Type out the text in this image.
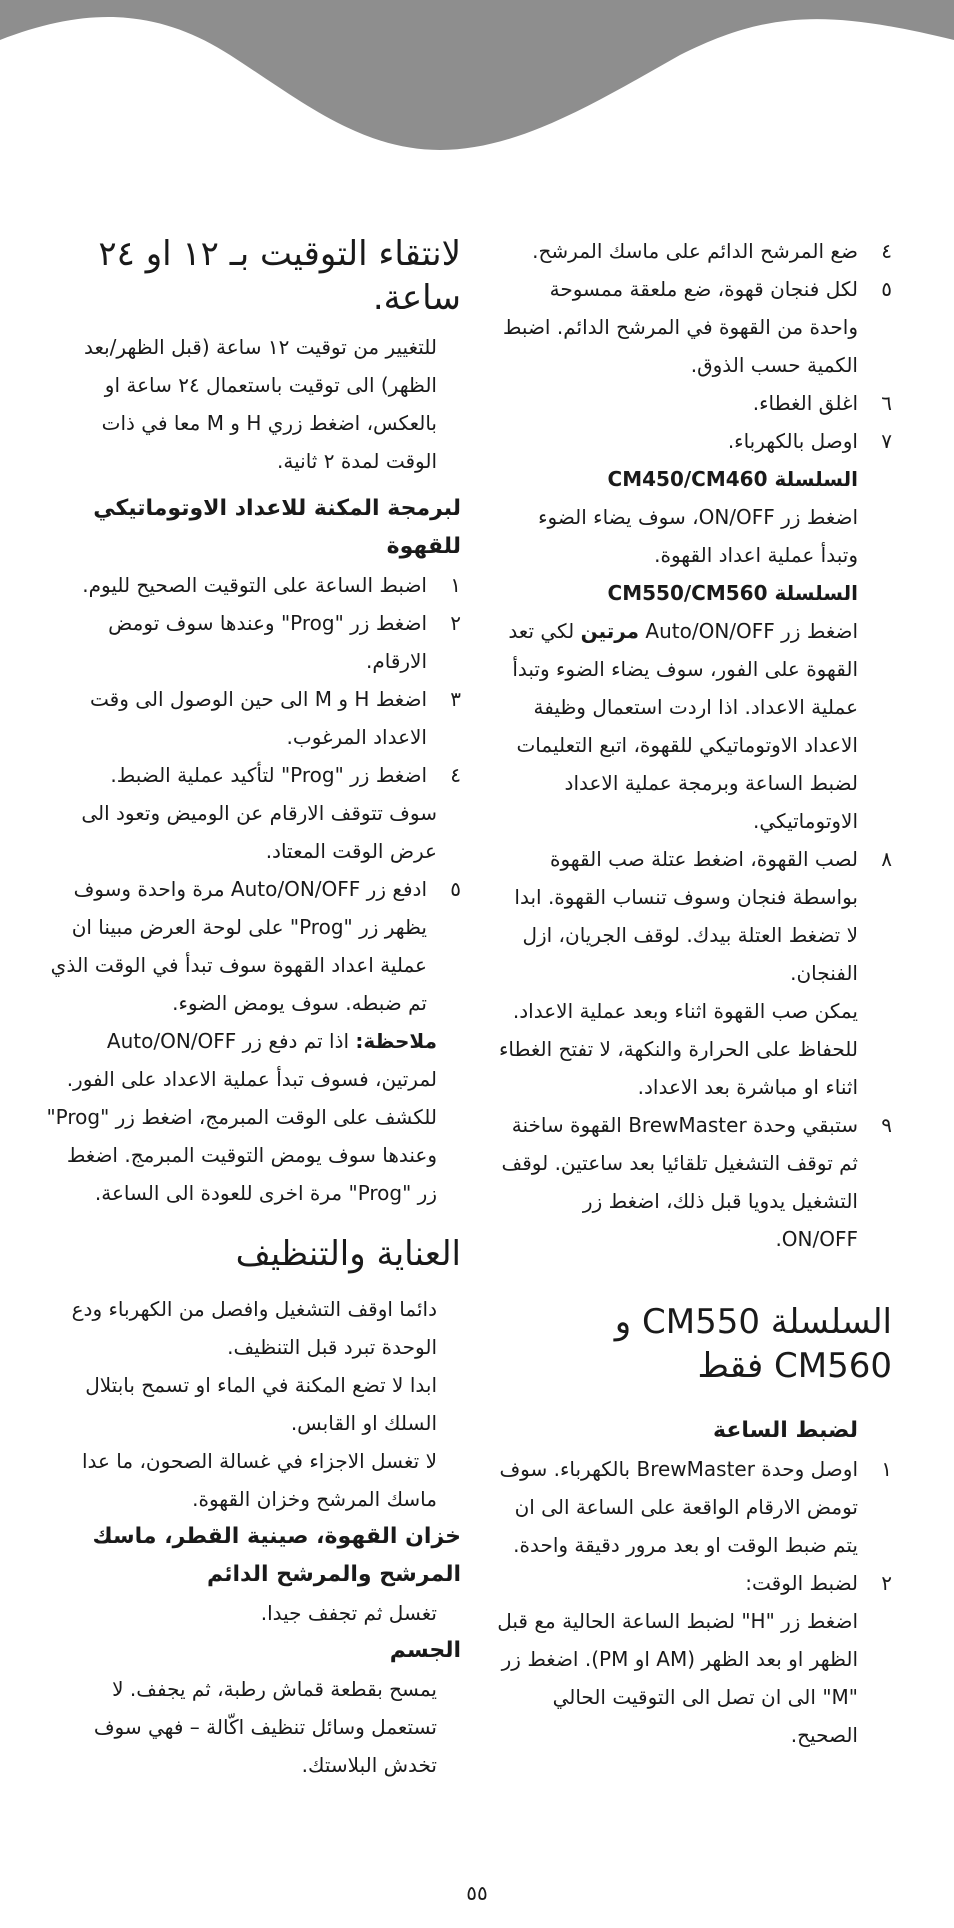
٤
ضع المرشح الدائم على ماسك المرشح.
٥
لكل فنجان قهوة، ضع ملعقة ممسوحة واحدة من القهوة في المرشح الدائم. اضبط الكمية حسب الذوق.
٦
اغلق الغطاء.
٧
اوصل بالكهرباء.

السلسلة CM450/CM460

اضغط زر ON/OFF، سوف يضاء الضوء وتبدأ عملية اعداد القهوة.

السلسلة CM550/CM560

اضغط زر Auto/ON/OFF مرتين لكي تعد القهوة على الفور، سوف يضاء الضوء وتبدأ عملية الاعداد. اذا اردت استعمال وظيفة الاعداد الاوتوماتيكي للقهوة، اتبع التعليمات لضبط الساعة وبرمجة عملية الاعداد الاوتوماتيكي.

٨
لصب القهوة، اضغط عتلة صب القهوة بواسطة فنجان وسوف تنساب القهوة. ابدا لا تضغط العتلة بيدك. لوقف الجريان، ازل الفنجان.

يمكن صب القهوة اثناء وبعد عملية الاعداد. للحفاظ على الحرارة والنكهة، لا تفتح الغطاء اثناء او مباشرة بعد الاعداد.

٩
ستبقي وحدة BrewMaster القهوة ساخنة ثم توقف التشغيل تلقائيا بعد ساعتين. لوقف التشغيل يدويا قبل ذلك، اضغط زر ON/OFF.
السلسلة CM550 و CM560 فقط
لضبط الساعة
١
اوصل وحدة BrewMaster بالكهرباء. سوف تومض الارقام الواقعة على الساعة الى ان يتم ضبط الوقت او بعد مرور دقيقة واحدة.
٢
لضبط الوقت:

اضغط زر "H" لضبط الساعة الحالية مع قبل الظهر او بعد الظهر (AM او PM). اضغط زر "M" الى ان تصل الى التوقيت الحالي الصحيح.

لانتقاء التوقيت بـ ١٢ او ٢٤ ساعة.

للتغيير من توقيت ١٢ ساعة (قبل الظهر/بعد الظهر) الى توقيت باستعمال ٢٤ ساعة او بالعكس، اضغط زري H و M معا في ذات الوقت لمدة ٢ ثانية.

لبرمجة المكنة للاعداد الاوتوماتيكي للقهوة
١
اضبط الساعة على التوقيت الصحيح لليوم.
٢
اضغط زر "Prog" وعندها سوف تومض الارقام.
٣
اضغط H و M الى حين الوصول الى وقت الاعداد المرغوب.
٤
اضغط زر "Prog" لتأكيد عملية الضبط.

سوف تتوقف الارقام عن الوميض وتعود الى عرض الوقت المعتاد.

٥
ادفع زر Auto/ON/OFF مرة واحدة وسوف يظهر زر "Prog" على لوحة العرض مبينا ان عملية اعداد القهوة سوف تبدأ في الوقت الذي تم ضبطه. سوف يومض الضوء.

ملاحظة: اذا تم دفع زر Auto/ON/OFF لمرتين، فسوف تبدأ عملية الاعداد على الفور. للكشف على الوقت المبرمج، اضغط زر "Prog" وعندها سوف يومض التوقيت المبرمج. اضغط زر "Prog" مرة اخرى للعودة الى الساعة.

العناية والتنظيف

دائما اوقف التشغيل وافصل من الكهرباء ودع الوحدة تبرد قبل التنظيف.

ابدا لا تضع المكنة في الماء او تسمح بابتلال السلك او القابس.

لا تغسل الاجزاء في غسالة الصحون، ما عدا ماسك المرشح وخزان القهوة.

خزان القهوة، صينية القطر، ماسك المرشح والمرشح الدائم

تغسل ثم تجفف جيدا.

الجسم

يمسح بقطعة قماش رطبة، ثم يجفف. لا تستعمل وسائل تنظيف اكّالة – فهي سوف تخدش البلاستك.

٥٥
